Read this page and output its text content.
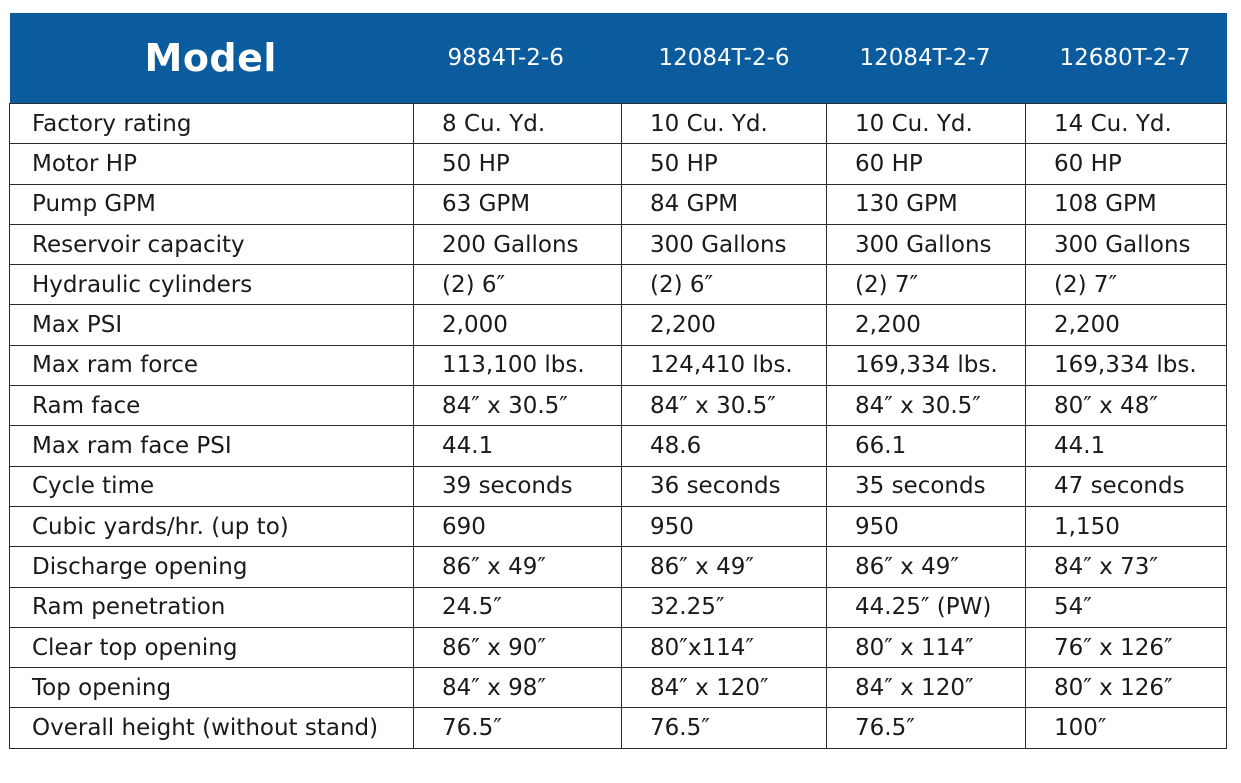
Model	9884T-2-6	12084T-2-6	12084T-2-7	12680T-2-7
Factory rating	8 Cu. Yd.	10 Cu. Yd.	10 Cu. Yd.	14 Cu. Yd.
Motor HP	50 HP	50 HP	60 HP	60 HP
Pump GPM	63 GPM	84 GPM	130 GPM	108 GPM
Reservoir capacity	200 Gallons	300 Gallons	300 Gallons	300 Gallons
Hydraulic cylinders	(2) 6″	(2) 6″	(2) 7″	(2) 7″
Max PSI	2,000	2,200	2,200	2,200
Max ram force	113,100 lbs.	124,410 lbs.	169,334 lbs.	169,334 lbs.
Ram face	84″ x 30.5″	84″ x 30.5″	84″ x 30.5″	80″ x 48″
Max ram face PSI	44.1	48.6	66.1	44.1
Cycle time	39 seconds	36 seconds	35 seconds	47 seconds
Cubic yards/hr. (up to)	690	950	950	1,150
Discharge opening	86″ x 49″	86″ x 49″	86″ x 49″	84″ x 73″
Ram penetration	24.5″	32.25″	44.25″ (PW)	54″
Clear top opening	86″ x 90″	80″x114″	80″ x 114″	76″ x 126″
Top opening	84″ x 98″	84″ x 120″	84″ x 120″	80″ x 126″
Overall height (without stand)	76.5″	76.5″	76.5″	100″
